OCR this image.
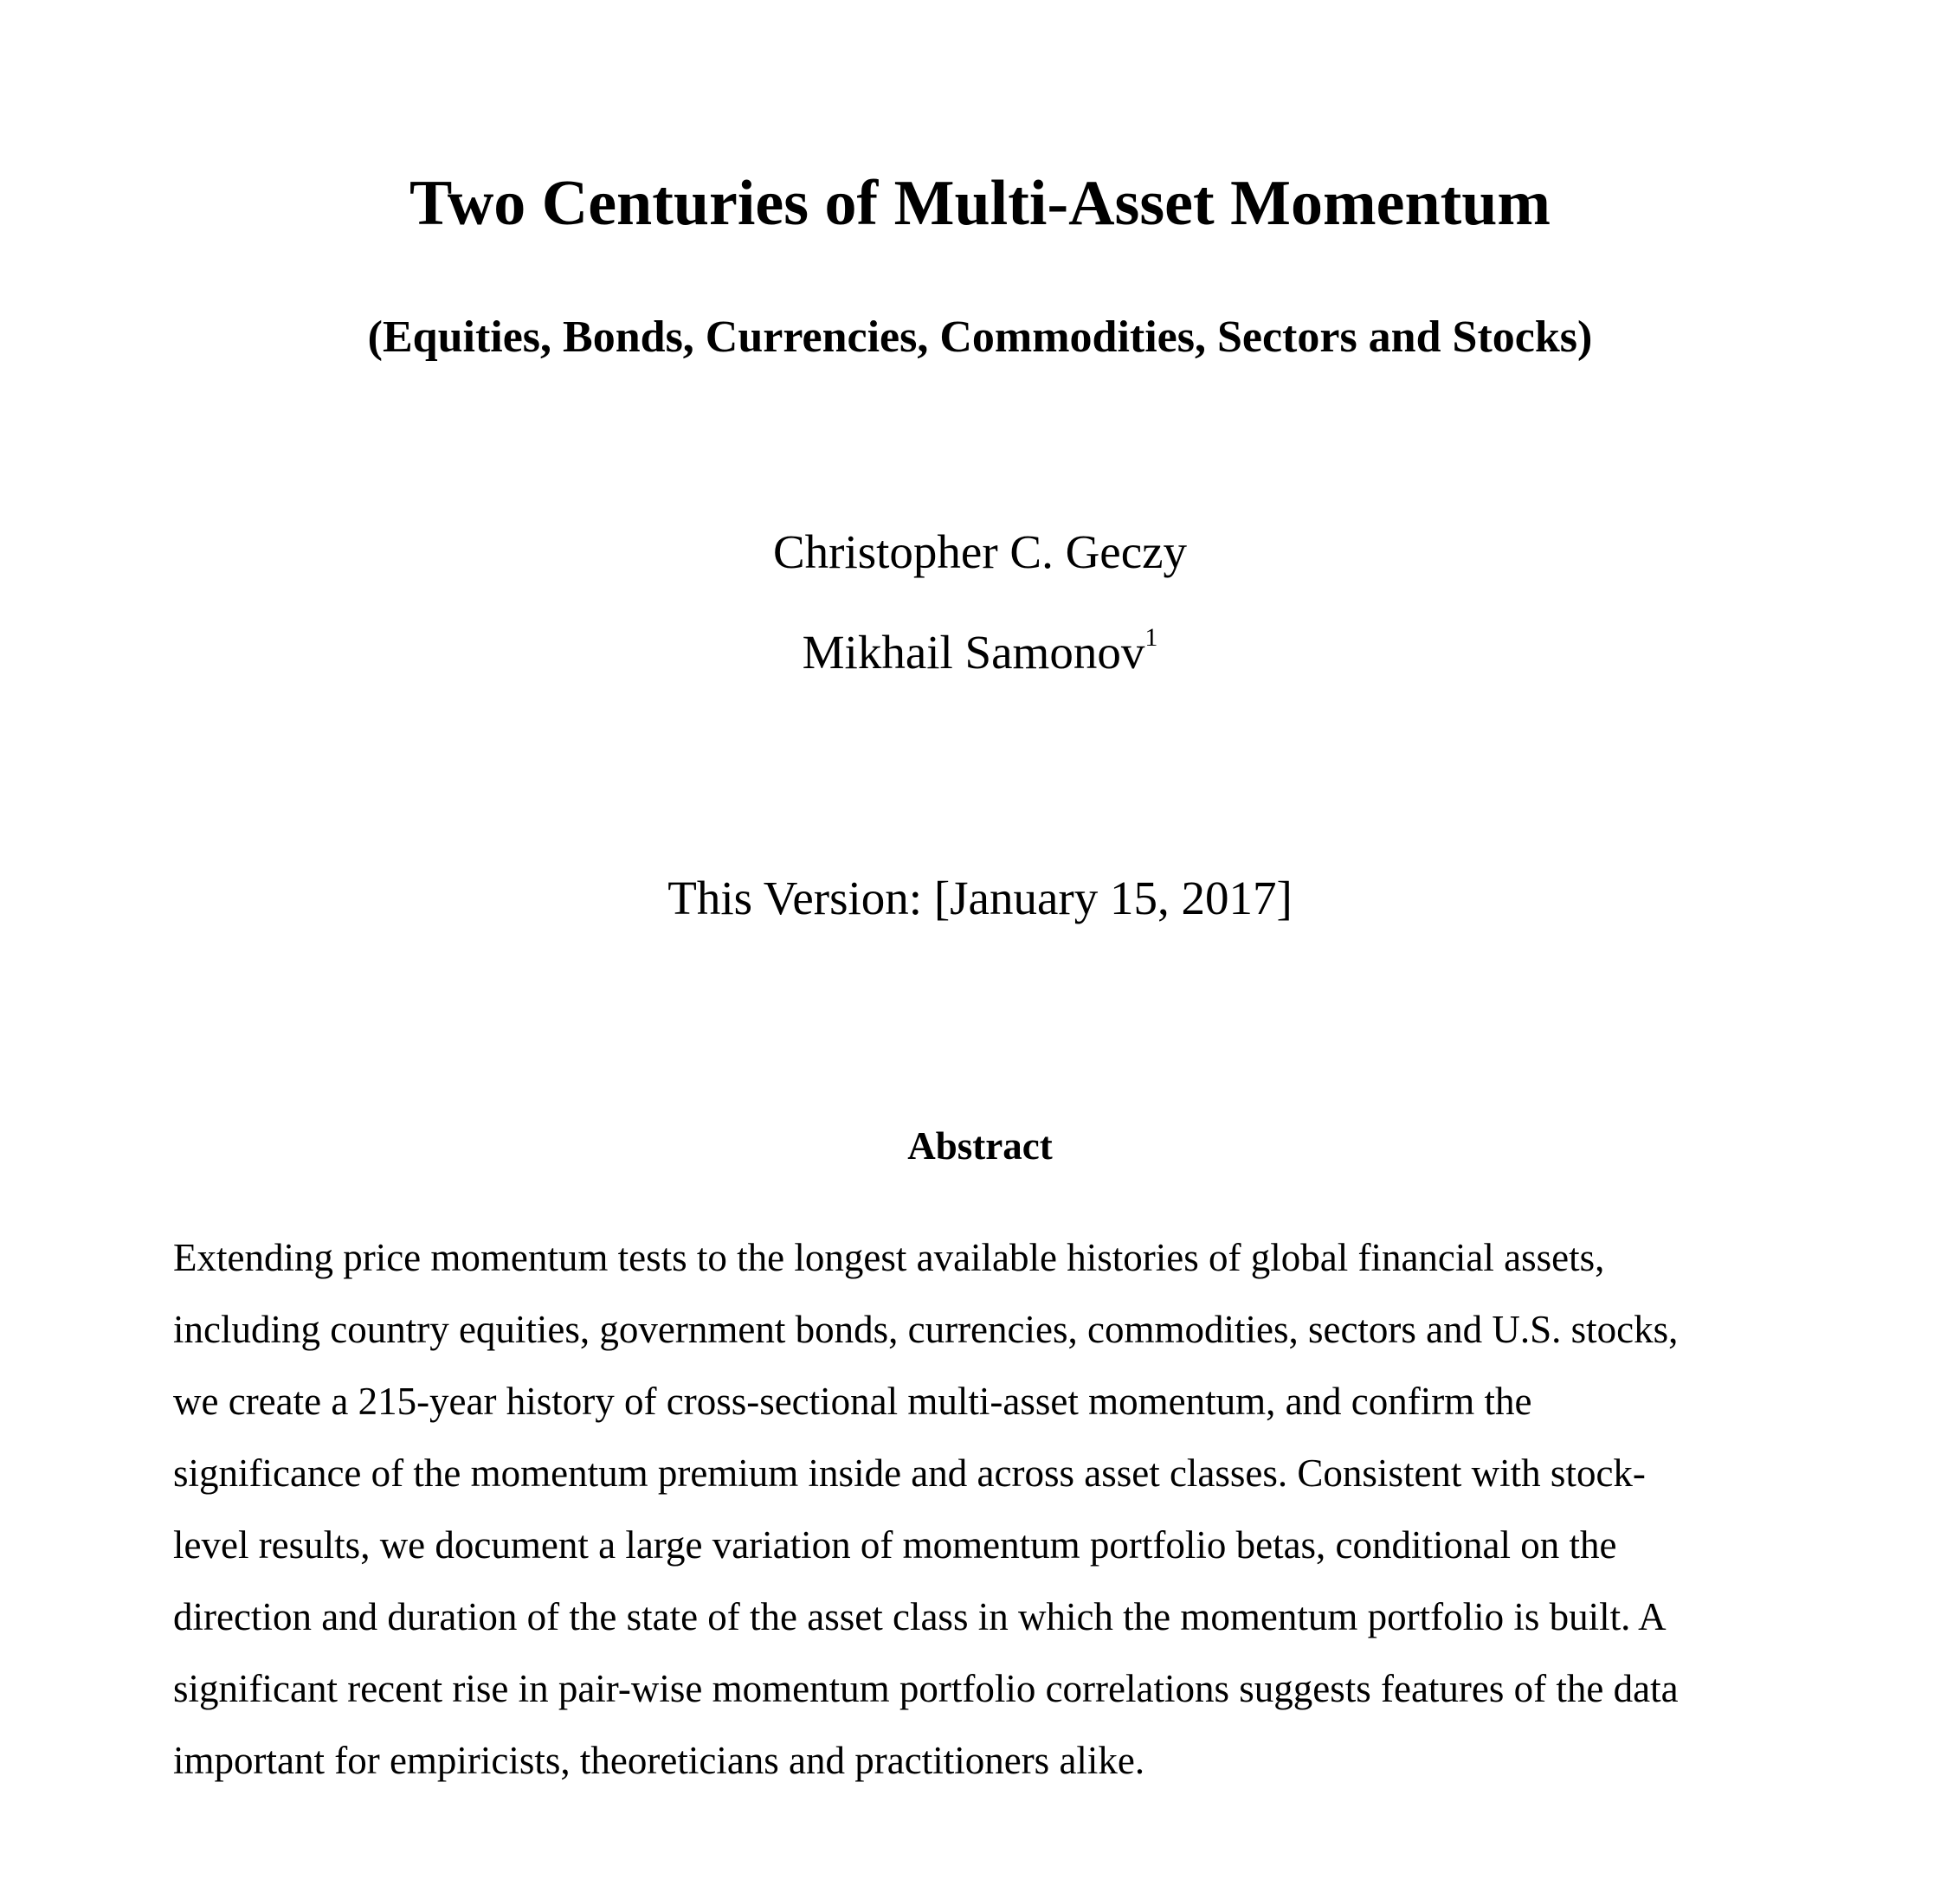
Two Centuries of Multi-Asset Momentum
(Equities, Bonds, Currencies, Commodities, Sectors and Stocks)
Christopher C. Geczy
Mikhail Samonov$^1$
This Version: [January 15, 2017]
Abstract
Extending price momentum tests to the longest available histories of global financial assets,
including country equities, government bonds, currencies, commodities, sectors and U.S. stocks,
we create a 215-year history of cross-sectional multi-asset momentum, and confirm the
significance of the momentum premium inside and across asset classes. Consistent with stock-
level results, we document a large variation of momentum portfolio betas, conditional on the
direction and duration of the state of the asset class in which the momentum portfolio is built. A
significant recent rise in pair-wise momentum portfolio correlations suggests features of the data
important for empiricists, theoreticians and practitioners alike.
